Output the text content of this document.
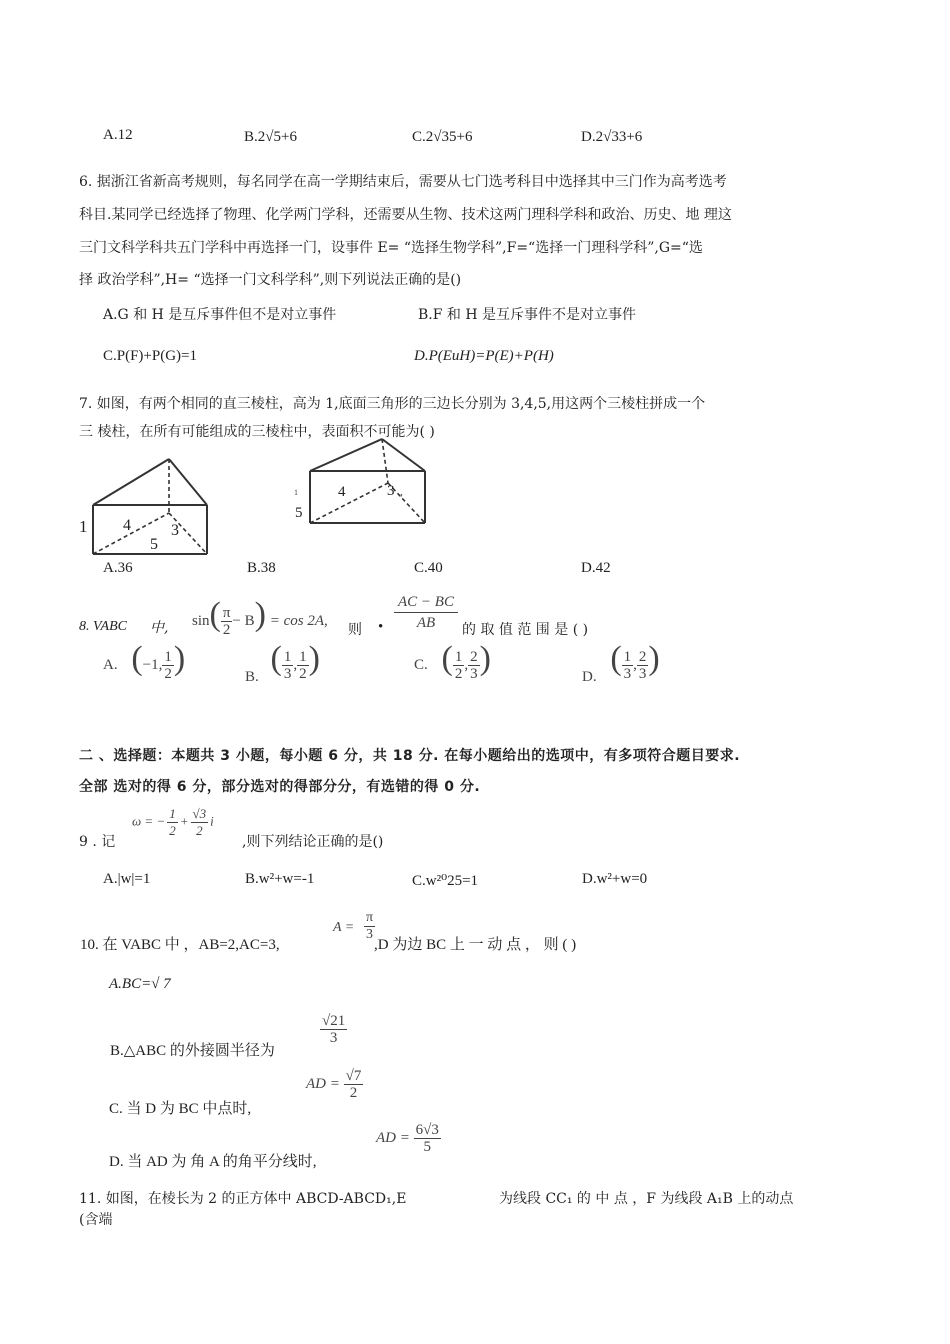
A.12	B.2√5+6	C.2√35+6	D.2√33+6
6. 据浙江省新高考规则，每名同学在高一学期结束后，需要从七门选考科目中选择其中三门作为高考选考
科目.某同学已经选择了物理、化学两门学科，还需要从生物、技术这两门理科学科和政治、历史、地 理这
三门文科学科共五门学科中再选择一门，设事件 E= “选择生物学科”,F=“选择一门理科学科”,G=“选
择 政治学科”,H= “选择一门文科学科”,则下列说法正确的是()
A.G 和 H 是互斥事件但不是对立事件	B.F 和 H 是互斥事件不是对立事件
C.P(F)+P(G)=1	D.P(EuH)=P(E)+P(H)
7. 如图，有两个相同的直三棱柱，高为 1,底面三角形的三边长分别为 3,4,5,用这两个三棱柱拼成一个
三 棱柱，在所有可能组成的三棱柱中，表面积不可能为( )
1 4	3
5
1
5
4	3 ,
A.36	B.38	C.40	D.42
8. VABC 中, $\sin( \frac{\pi}{2} - B) = \cos 2A$,
则 • $\frac{AC - BC}{AB}$ 的 取 值 范 围 是 ( )
A. (−1, $\frac{1}{2}$ )	B. ( $\frac{1}{3}$ , $\frac{1}{2}$ )	C. ( $\frac{1}{2}$ , $\frac{2}{3}$ )	D. ( $\frac{1}{3}$ , $\frac{2}{3}$ )
二 、选择题：本题共 3 小题，每小题 6 分，共 18 分. 在每小题给出的选项中，有多项符合题目要求.
全部 选对的得 6 分，部分选对的得部分分，有选错的得 0 分.
9 . 记
ω = − $\frac{1}{2} + \frac{√3}{2}$ i
,则下列结论正确的是()
A.|w|=1	B.w²+w=-1	C.w²⁰25=1	D.w²+w=0
10. 在 VABC 中 ，AB=2,AC=3,
$A = \frac{\pi}{3}$
,D 为边 BC 上 一 动 点 ， 则 ( )
A.BC=√ 7
B.△ABC 的外接圆半径为
$\frac{√21}{3}$
C. 当 D 为 BC 中点时,
AD = $\frac{√7}{2}$
D. 当 AD 为 角 A 的角平分线时,
AD = $\frac{6√3}{5}$
11. 如图，在棱长为 2 的正方体中 ABCD-ABCD₁,E	为线段 CC₁ 的 中 点 ，F 为线段 A₁B 上的动点
(含端
